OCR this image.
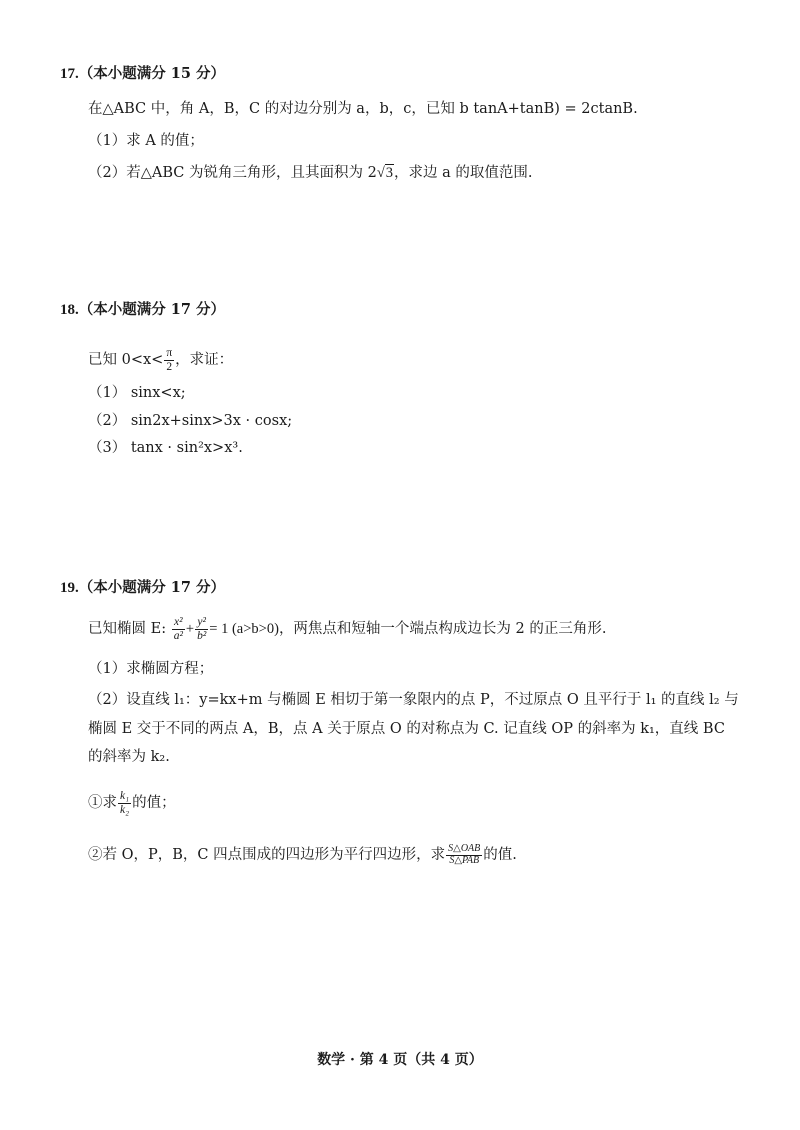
17.（本小题满分 15 分）
在△ABC 中，角 A，B，C 的对边分别为 a，b，c，已知 b tanA+tanB) = 2ctanB.
（1）求 A 的值；
（2）若△ABC 为锐角三角形，且其面积为 2√3，求边 a 的取值范围.
18.（本小题满分 17 分）
已知 $0<x< \frac{\pi}{2}$ ，求证：
（1） sinx<x;
（2） sin2x+sinx>3x · cosx;
（3） tanx · sin²x>x³.
19.（本小题满分 17 分）
已知椭圆 E: $\frac{\text{x²}}{\text{a²}} + \frac{\text{y²}}{\text{b²}} = 1$ (a>b>0)，两焦点和短轴一个端点构成边长为 2 的正三角形.
（1）求椭圆方程；
（2）设直线 l₁：y=kx+m 与椭圆 E 相切于第一象限内的点 P，不过原点 O 且平行于 l₁ 的直线 l₂ 与
椭圆 E 交于不同的两点 A，B，点 A 关于原点 O 的对称点为 C. 记直线 OP 的斜率为 k₁，直线 BC
的斜率为 k₂.
①求 $\frac{\text{k₁}}{\text{k₂}}$ 的值；
②若 O，P，B，C 四点围成的四边形为平行四边形，求 $\frac{\text{S△OAB}}{\text{S△PAB}}$ 的值.
数学 · 第 4 页（共 4 页）
